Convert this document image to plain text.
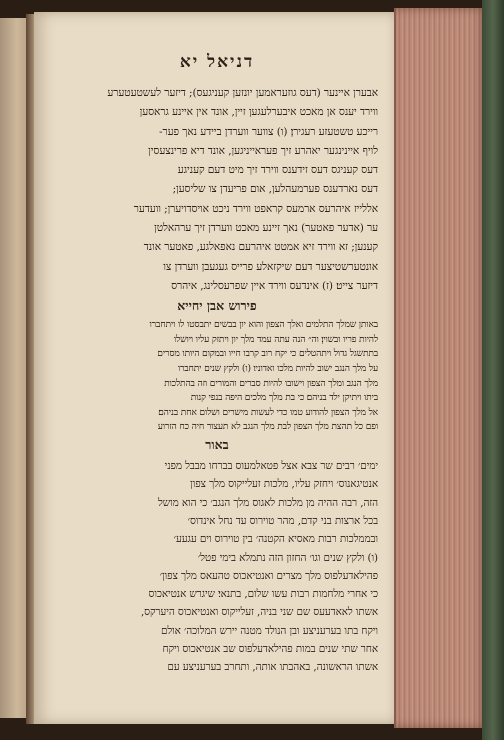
דניאל יא
אבערן איינער (דעס גוזעראמען יונזען קעניגעס); דיזער לעשטעטערע
ווירד יענס אן מאכט איבערלעגען זיין, אונד אין איינע גראסען
רייכע טשטעזע רעגירן׃ (ו) צווער ווערדן ביידע נאך פער-
לויף איינינגער יאהרע זיך פעראייניגען, אונד דיא פרינצעסין
דעס קעניגס דעס זידענס ווירד זיך מיט דעם קעניגע
דעס נארדענס פערמעהלען, אום פריעדן צו שליסען;
אללייז איהרעס ארמעס קראפט ווירד ניכט אויסדויערן; וועדער
ער (אדער פאטער) נאך זיינע מאכט ווערדן זיך ערהאלטן
קענען; זא ווירד זיא אמטט איהרעם נאפאלגע, פאטער אונד
אונטערשטיצער דעם שיקזאלע פרייס געגעבן ווערדן צו
דיזער צייט׃ (ז) אינדעס ווירד איין שפרעסלינג, איהרס
פירוש אבן יחייא
באותן שמלך התלמים ואלך הצפון והוא יון בבשים יתבסטו לו ויתחברו
להיות פריו ובשוין׃ וה״ הנה עתה עמד מלך יון ויתזק עליו ויושלו
בתתשגל גדול ויתהטלים כי יקח רוב קרבו חייו ובמקום היותו מסרים
על מלך הנגב ישוב להיות מלכו ואדוניו׃ (ו) ולקץ שנים יתחברו
מלך הנגב ומלך הצפון וישובו להיות סברים והמורים וזה בהתלכות
ביתו ויתיקן ילד בניהם׃ כי בת מלך מלכים היפה בנפי קנות
אל מלך הצפון להודוע טמו כדי לעשות מישרים ושלום אחת בניהם׃
ופם כל תהצת מלך הצפון לבת מלך הנגב לא תעצור חיה כח הזרוע
באור
ימים׳ רבים שר צבא אצל פטאלמעוס בברחו מבבל מפני
אנטיגאנוס׳ ויחזק עליו, מלכות זעלייקוס מלך צפון
הזה, רבה ההיה מן מלכות לאגוס מלך הנגב׳ כי הוא מושל
בכל ארצות בני קדם, מהר טוירוס עד נחל אינדוס׳
ובממלכות רבות מאסיא הקטנה׳ בין טוירוס וים עגעע׳
(ו) ולקץ שנים וגו׳ החזון הזה נתמלא בימי פטל׳
פהילאדעלפוס מלך מצרים ואנטיאכוס טהעאס מלך צפון׳
כי אחרי מלחמות רבות עשו שלום, בתנאי׃ שיגרש אנטיאכוס
אשתו לאאדעעס שם שני בניה, זעלייקוס ואנטיאכוס היערקס,
ויקח בתו בערעניצע ובן הנולד מטנה יירש המלוכה׳ אולם
אחר שתי שנים במות פהילאדעלפוס שב אנטיאכוס ויקח
אשתו הראשונה, באהבתו אותה, ותחרב בערעניצע עם
